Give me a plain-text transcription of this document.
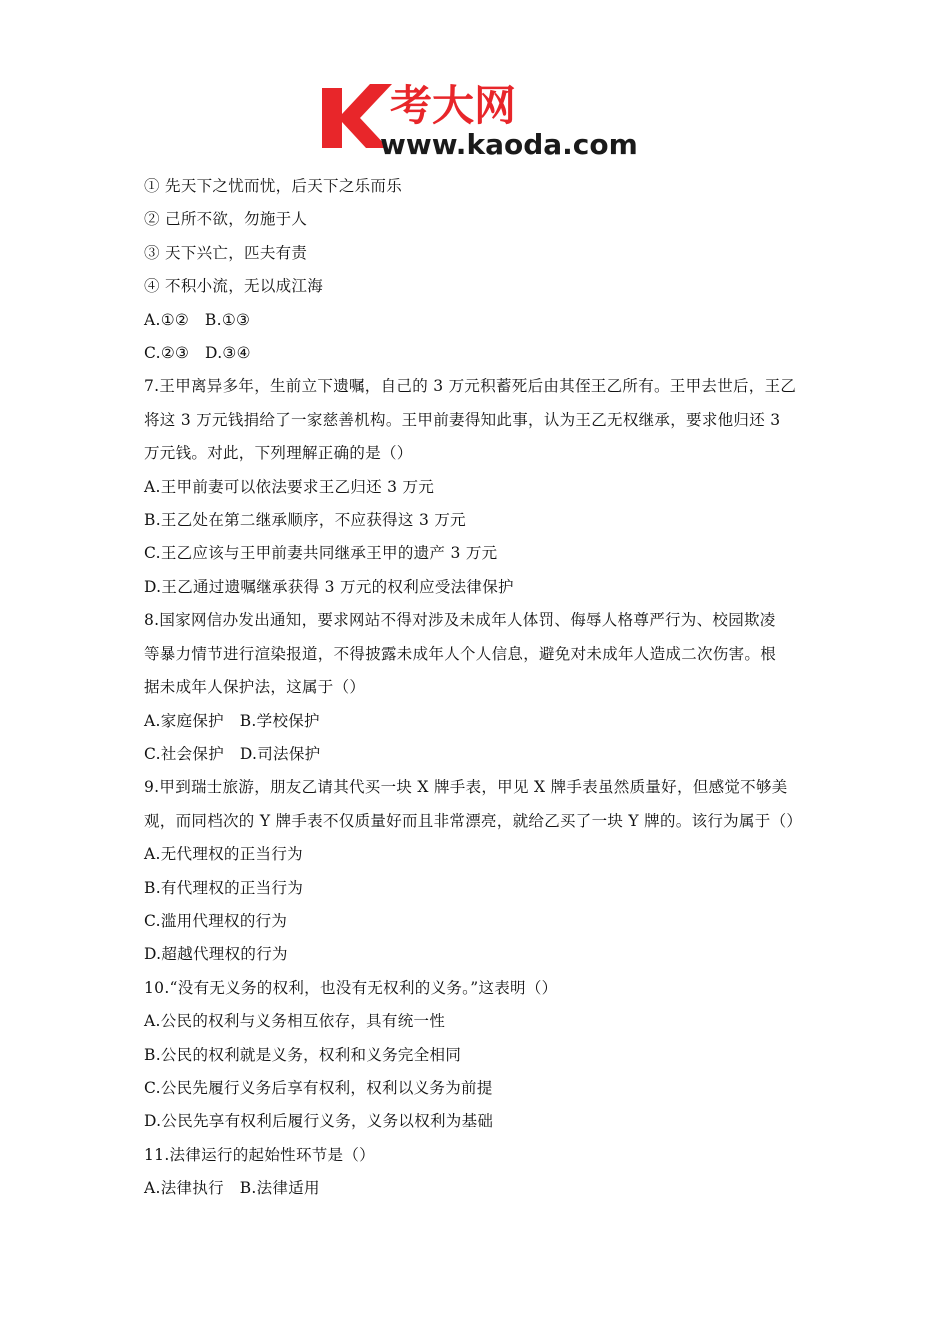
考大网
www.kaoda.com
① 先天下之忧而忧，后天下之乐而乐
② 己所不欲，勿施于人
③ 天下兴亡，匹夫有责
④ 不积小流，无以成江海
A.①②　B.①③
C.②③　D.③④
7.王甲离异多年，生前立下遗嘱，自己的 3 万元积蓄死后由其侄王乙所有。王甲去世后，王乙
将这 3 万元钱捐给了一家慈善机构。王甲前妻得知此事，认为王乙无权继承，要求他归还 3
万元钱。对此，下列理解正确的是（）
A.王甲前妻可以依法要求王乙归还 3 万元
B.王乙处在第二继承顺序，不应获得这 3 万元
C.王乙应该与王甲前妻共同继承王甲的遗产 3 万元
D.王乙通过遗嘱继承获得 3 万元的权利应受法律保护
8.国家网信办发出通知，要求网站不得对涉及未成年人体罚、侮辱人格尊严行为、校园欺凌
等暴力情节进行渲染报道，不得披露未成年人个人信息，避免对未成年人造成二次伤害。根
据未成年人保护法，这属于（）
A.家庭保护　B.学校保护
C.社会保护　D.司法保护
9.甲到瑞士旅游，朋友乙请其代买一块 X 牌手表，甲见 X 牌手表虽然质量好，但感觉不够美
观，而同档次的 Y 牌手表不仅质量好而且非常漂亮，就给乙买了一块 Y 牌的。该行为属于（）
A.无代理权的正当行为
B.有代理权的正当行为
C.滥用代理权的行为
D.超越代理权的行为
10.“没有无义务的权利，也没有无权利的义务。”这表明（）
A.公民的权利与义务相互依存，具有统一性
B.公民的权利就是义务，权利和义务完全相同
C.公民先履行义务后享有权利，权利以义务为前提
D.公民先享有权利后履行义务，义务以权利为基础
11.法律运行的起始性环节是（）
A.法律执行　B.法律适用
